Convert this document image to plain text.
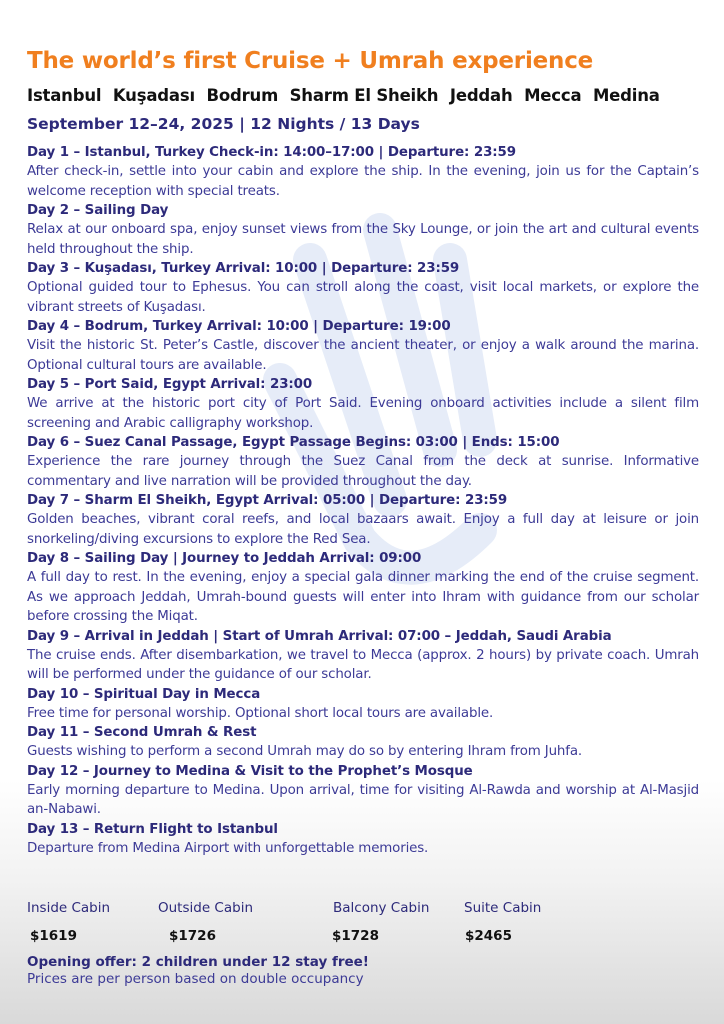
The world’s first Cruise + Umrah experience
Istanbul Kuşadası Bodrum Sharm El Sheikh Jeddah Mecca Medina
September 12–24, 2025 | 12 Nights / 13 Days
Day 1 – Istanbul, Turkey Check-in: 14:00–17:00 | Departure: 23:59
After check-in, settle into your cabin and explore the ship. In the evening, join us for the Captain’s welcome reception with special treats.
Day 2 – Sailing Day
Relax at our onboard spa, enjoy sunset views from the Sky Lounge, or join the art and cultural events held throughout the ship.
Day 3 – Kuşadası, Turkey Arrival: 10:00 | Departure: 23:59
Optional guided tour to Ephesus. You can stroll along the coast, visit local markets, or explore the vibrant streets of Kuşadası.
Day 4 – Bodrum, Turkey Arrival: 10:00 | Departure: 19:00
Visit the historic St. Peter’s Castle, discover the ancient theater, or enjoy a walk around the marina. Optional cultural tours are available.
Day 5 – Port Said, Egypt Arrival: 23:00
We arrive at the historic port city of Port Said. Evening onboard activities include a silent film screening and Arabic calligraphy workshop.
Day 6 – Suez Canal Passage, Egypt Passage Begins: 03:00 | Ends: 15:00
Experience the rare journey through the Suez Canal from the deck at sunrise. Informative commentary and live narration will be provided throughout the day.
Day 7 – Sharm El Sheikh, Egypt Arrival: 05:00 | Departure: 23:59
Golden beaches, vibrant coral reefs, and local bazaars await. Enjoy a full day at leisure or join snorkeling/diving excursions to explore the Red Sea.
Day 8 – Sailing Day | Journey to Jeddah Arrival: 09:00
A full day to rest. In the evening, enjoy a special gala dinner marking the end of the cruise segment. As we approach Jeddah, Umrah-bound guests will enter into Ihram with guidance from our scholar before crossing the Miqat.
Day 9 – Arrival in Jeddah | Start of Umrah Arrival: 07:00 – Jeddah, Saudi Arabia
The cruise ends. After disembarkation, we travel to Mecca (approx. 2 hours) by private coach. Umrah will be performed under the guidance of our scholar.
Day 10 – Spiritual Day in Mecca
Free time for personal worship. Optional short local tours are available.
Day 11 – Second Umrah & Rest
Guests wishing to perform a second Umrah may do so by entering Ihram from Juhfa.
Day 12 – Journey to Medina & Visit to the Prophet’s Mosque
Early morning departure to Medina. Upon arrival, time for visiting Al-Rawda and worship at Al-Masjid an-Nabawi.
Day 13 – Return Flight to Istanbul
Departure from Medina Airport with unforgettable memories.
Inside Cabin	Outside Cabin	Balcony Cabin	Suite Cabin
$1619	$1726	$1728	$2465
Opening offer: 2 children under 12 stay free!
Prices are per person based on double occupancy
